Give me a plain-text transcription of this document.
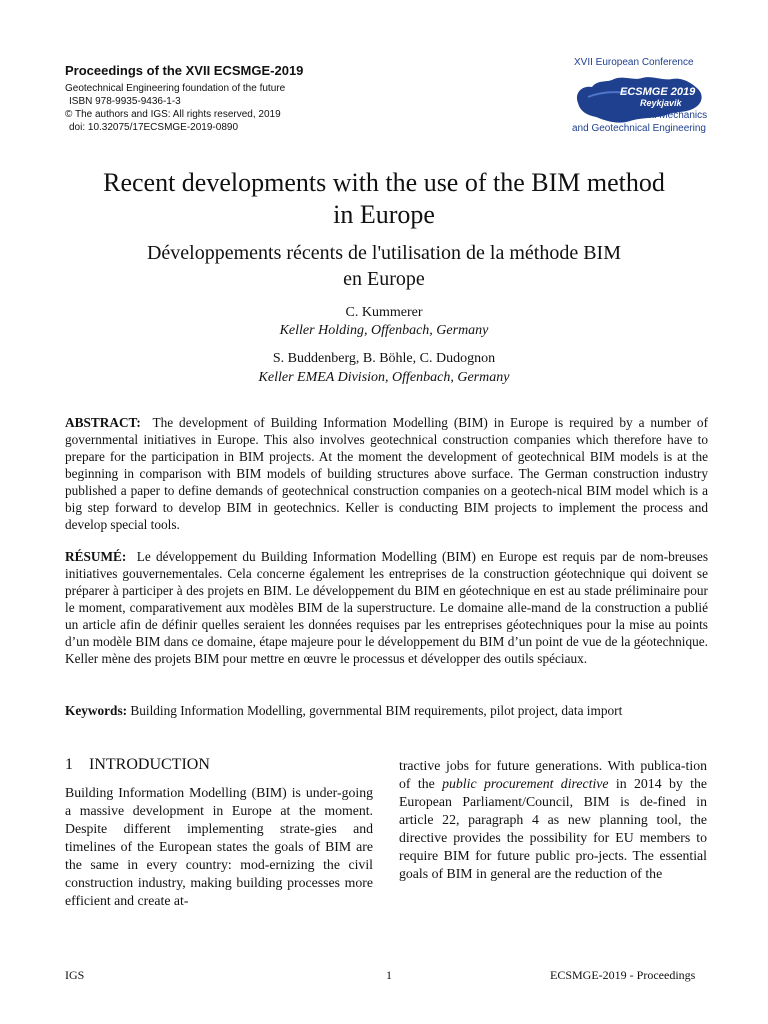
Proceedings of the XVII ECSMGE-2019
Geotechnical Engineering foundation of the future
ISBN 978-9935-9436-1-3
© The authors and IGS: All rights reserved, 2019
doi: 10.32075/17ECSMGE-2019-0890
XVII European Conference
ECSMGE 2019
Reykjavik
on Soil Mechanics
and Geotechnical Engineering
Recent developments with the use of the BIM method
in Europe
Développements récents de l'utilisation de la méthode BIM
en Europe
C. Kummerer
Keller Holding, Offenbach, Germany
S. Buddenberg, B. Böhle, C. Dudognon
Keller EMEA Division, Offenbach, Germany
ABSTRACT: The development of Building Information Modelling (BIM) in Europe is required by a number of governmental initiatives in Europe. This also involves geotechnical construction companies which therefore have to prepare for the participation in BIM projects. At the moment the development of geotechnical BIM models is at the beginning in comparison with BIM models of building structures above surface. The German construction industry published a paper to define demands of geotechnical construction companies on a geotech-nical BIM model which is a big step forward to develop BIM in geotechnics. Keller is conducting BIM projects to implement the process and develop special tools.
RÉSUMÉ: Le développement du Building Information Modelling (BIM) en Europe est requis par de nom-breuses initiatives gouvernementales. Cela concerne également les entreprises de la construction géotechnique qui doivent se préparer à participer à des projets en BIM. Le développement du BIM en géotechnique en est au stade préliminaire pour le moment, comparativement aux modèles BIM de la superstructure. Le domaine alle-mand de la construction a publié un article afin de définir quelles seraient les données requises par les entreprises géotechniques pour la mise au points d’un modèle BIM dans ce domaine, étape majeure pour le développement du BIM d’un point de vue de la géotechnique. Keller mène des projets BIM pour mettre en œuvre le processus et développer des outils spéciaux.
Keywords: Building Information Modelling, governmental BIM requirements, pilot project, data import
1 INTRODUCTION
Building Information Modelling (BIM) is under-going a massive development in Europe at the moment. Despite different implementing strate-gies and timelines of the European states the goals of BIM are the same in every country: mod-ernizing the civil construction industry, making building processes more efficient and create at-
tractive jobs for future generations. With publica-tion of the public procurement directive in 2014 by the European Parliament/Council, BIM is de-fined in article 22, paragraph 4 as new planning tool, the directive provides the possibility for EU members to require BIM for future public pro-jects. The essential goals of BIM in general are the reduction of the
IGS	1	ECSMGE-2019 - Proceedings
